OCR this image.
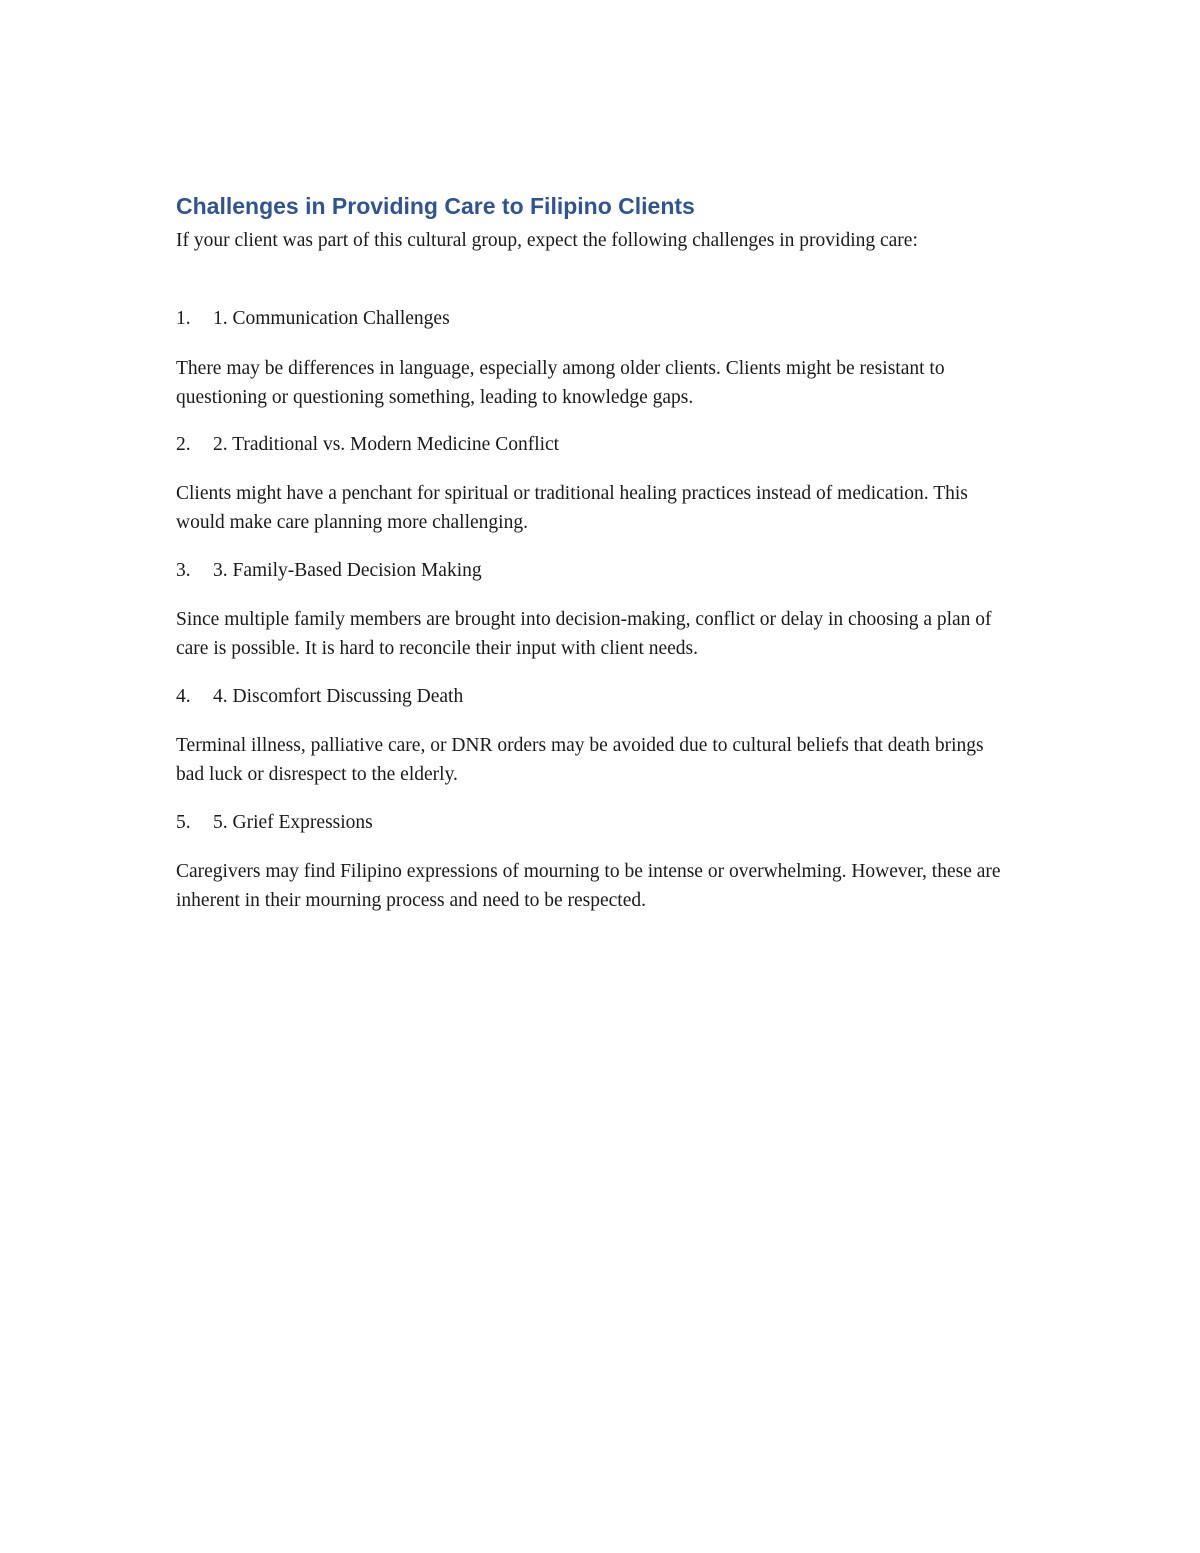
Challenges in Providing Care to Filipino Clients
If your client was part of this cultural group, expect the following challenges in providing care:
1. 1. Communication Challenges
There may be differences in language, especially among older clients. Clients might be resistant to questioning or questioning something, leading to knowledge gaps.
2. 2. Traditional vs. Modern Medicine Conflict
Clients might have a penchant for spiritual or traditional healing practices instead of medication. This would make care planning more challenging.
3. 3. Family-Based Decision Making
Since multiple family members are brought into decision-making, conflict or delay in choosing a plan of care is possible. It is hard to reconcile their input with client needs.
4. 4. Discomfort Discussing Death
Terminal illness, palliative care, or DNR orders may be avoided due to cultural beliefs that death brings bad luck or disrespect to the elderly.
5. 5. Grief Expressions
Caregivers may find Filipino expressions of mourning to be intense or overwhelming. However, these are inherent in their mourning process and need to be respected.
